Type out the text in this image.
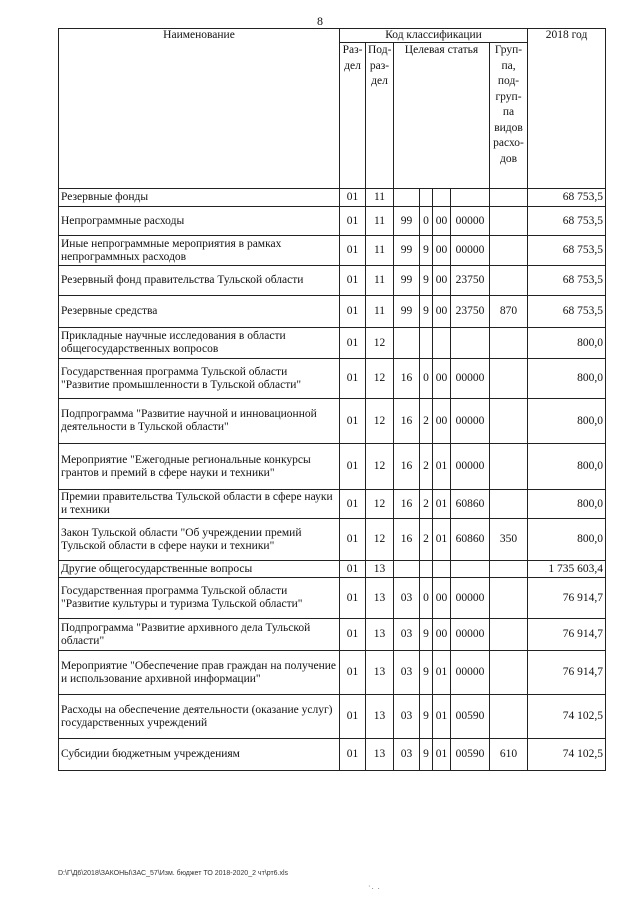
8
Наименование	Код классификации							2018 год
	Раз-дел	Под-раз-дел	Целевая статья				Груп-па, под-груп-па видов расхо-дов	
Резервные фонды	01	11						68 753,5
Непрограммные расходы	01	11	99	0	00	00000		68 753,5
Иные непрограммные мероприятия в рамках непрограммных расходов	01	11	99	9	00	00000		68 753,5
Резервный фонд правительства Тульской области	01	11	99	9	00	23750		68 753,5
Резервные средства	01	11	99	9	00	23750	870	68 753,5
Прикладные научные исследования в области общегосударственных вопросов	01	12						800,0
Государственная программа Тульской области "Развитие промышленности в Тульской области"	01	12	16	0	00	00000		800,0
Подпрограмма "Развитие научной и инновационной деятельности в Тульской области"	01	12	16	2	00	00000		800,0
Мероприятие "Ежегодные региональные конкурсы грантов и премий в сфере науки и техники"	01	12	16	2	01	00000		800,0
Премии правительства Тульской области в сфере науки и техники	01	12	16	2	01	60860		800,0
Закон Тульской области "Об учреждении премий Тульской области в сфере науки и техники"	01	12	16	2	01	60860	350	800,0
Другие общегосударственные вопросы	01	13						1 735 603,4
Государственная программа Тульской области "Развитие культуры и туризма Тульской области"	01	13	03	0	00	00000		76 914,7
Подпрограмма "Развитие архивного дела Тульской области"	01	13	03	9	00	00000		76 914,7
Мероприятие "Обеспечение прав граждан на получение и использование архивной информации"	01	13	03	9	01	00000		76 914,7
Расходы на обеспечение деятельности (оказание услуг) государственных учреждений	01	13	03	9	01	00590		74 102,5
Субсидии бюджетным учреждениям	01	13	03	9	01	00590	610	74 102,5
D:\Г\Д6\2018\ЗАКОНЫ\ЗАС_57\Изм. бюджет ТО 2018-2020_2 чт\рт6.xls
·. .
